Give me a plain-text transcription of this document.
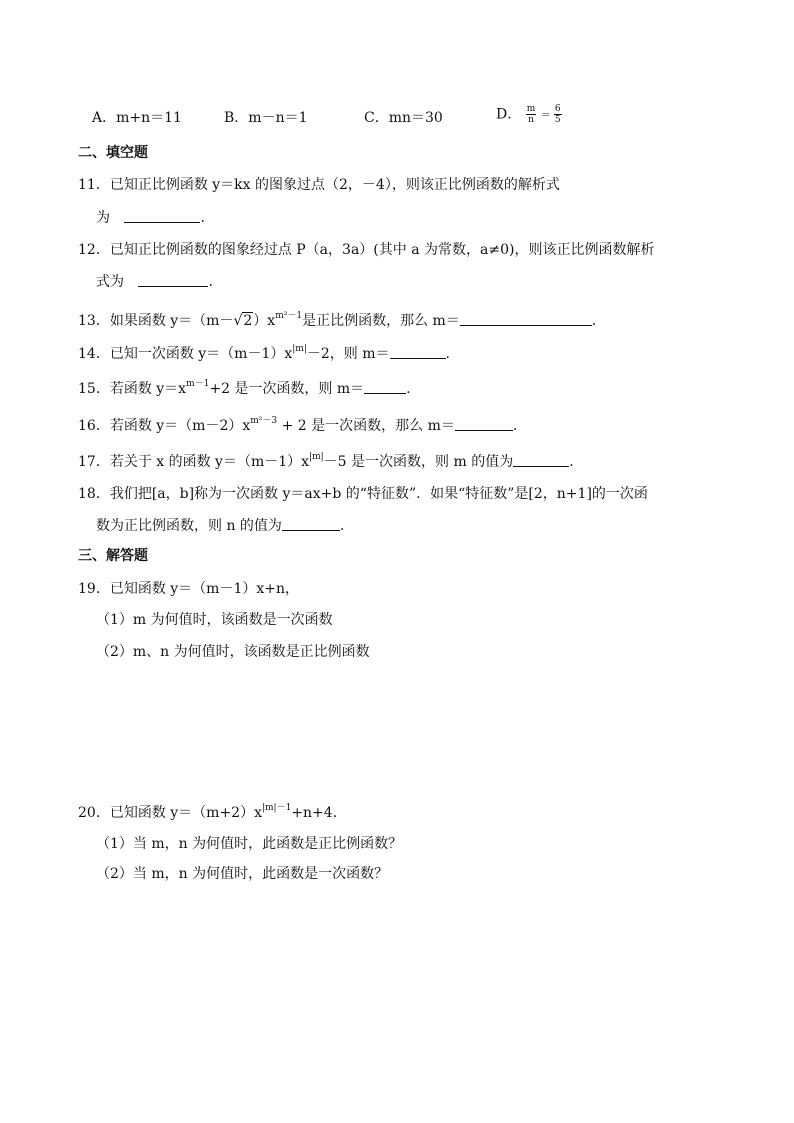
A．m+n＝11	B．m－n＝1	C．mn＝30	D． $\frac{m}{n} = \frac{6}{5}$
二、填空题
11．已知正比例函数 y＝kx 的图象过点（2，－4），则该正比例函数的解析式
为	.
12．已知正比例函数的图象经过点 P（a，3a）(其中 a 为常数，a≠0)，则该正比例函数解析
式为	.
13．如果函数 $y=(m-√2)x^{m^2-1}$是正比例函数，那么 m＝	.
14．已知一次函数 $y=(m-1)x^{|m|}-2$，则 m＝	.
15．若函数 $y=x^{m-1}+2$ 是一次函数，则 m＝	.
16．若函数 $y=(m-2)x^{m^2-3} + 2$ 是一次函数，那么 m＝	.
17．若关于 x 的函数 $y=(m-1)x^{|m|}-5$ 是一次函数，则 m 的值为	.
18．我们把[a，b]称为一次函数 y＝ax+b 的“特征数”．如果“特征数”是[2，n+1]的一次函
数为正比例函数，则 n 的值为	.
三、解答题
19．已知函数 y＝（m－1）x+n，
（1）m 为何值时，该函数是一次函数
（2）m、n 为何值时，该函数是正比例函数
20．已知函数 $y=(m+2)x^{|m|-1}+n+4$．
（1）当 m，n 为何值时，此函数是正比例函数？
（2）当 m，n 为何值时，此函数是一次函数？
